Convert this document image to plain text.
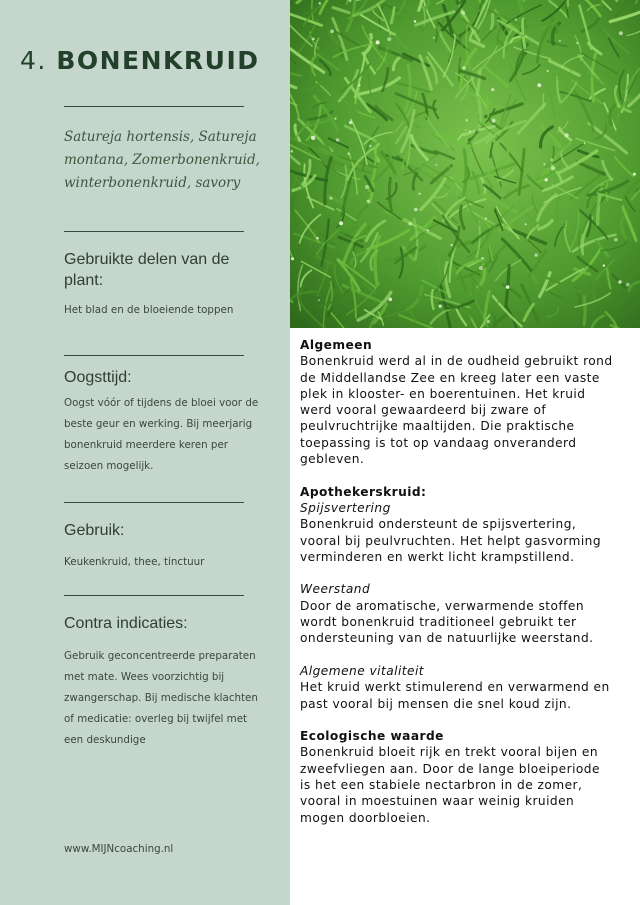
4. BONENKRUID
Satureja hortensis, Satureja montana, Zomerbonenkruid, winterbonenkruid, savory
Gebruikte delen van de plant:
Het blad en de bloeiende toppen
Oogsttijd:
Oogst vóór of tijdens de bloei voor de beste geur en werking. Bij meerjarig bonenkruid meerdere keren per seizoen mogelijk.
Gebruik:
Keukenkruid, thee, tinctuur
Contra indicaties:
Gebruik geconcentreerde preparaten met mate. Wees voorzichtig bij zwangerschap. Bij medische klachten of medicatie: overleg bij twijfel met een deskundige
www.MIJNcoaching.nl
Algemeen
Bonenkruid werd al in de oudheid gebruikt rond
de Middellandse Zee en kreeg later een vaste
plek in klooster- en boerentuinen. Het kruid
werd vooral gewaardeerd bij zware of
peulvruchtrijke maaltijden. Die praktische
toepassing is tot op vandaag onveranderd
gebleven.
Apothekerskruid:
Spijsvertering
Bonenkruid ondersteunt de spijsvertering,
vooral bij peulvruchten. Het helpt gasvorming
verminderen en werkt licht krampstillend.
Weerstand
Door de aromatische, verwarmende stoffen
wordt bonenkruid traditioneel gebruikt ter
ondersteuning van de natuurlijke weerstand.
Algemene vitaliteit
Het kruid werkt stimulerend en verwarmend en
past vooral bij mensen die snel koud zijn.
Ecologische waarde
Bonenkruid bloeit rijk en trekt vooral bijen en
zweefvliegen aan. Door de lange bloeiperiode
is het een stabiele nectarbron in de zomer,
vooral in moestuinen waar weinig kruiden
mogen doorbloeien.
